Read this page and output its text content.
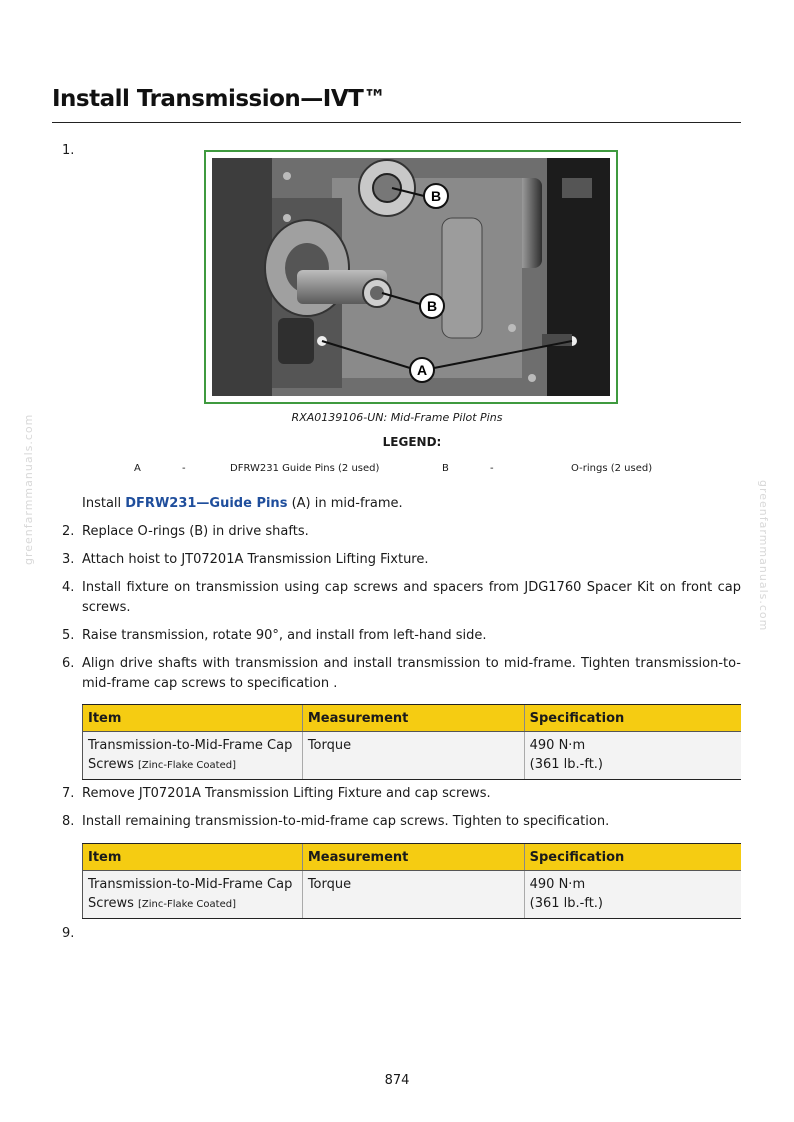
Install Transmission—IVT™
1.
B
B
A
RXA0139106-UN: Mid-Frame Pilot Pins
LEGEND:
A	-	DFRW231 Guide Pins (2 used)	B	-	O-rings (2 used)
Install DFRW231—Guide Pins (A) in mid-frame.
2. Replace O-rings (B) in drive shafts.
3. Attach hoist to JT07201A Transmission Lifting Fixture.
4. Install fixture on transmission using cap screws and spacers from JDG1760 Spacer Kit on front cap screws.
5. Raise transmission, rotate 90°, and install from left-hand side.
6. Align drive shafts with transmission and install transmission to mid-frame. Tighten transmission-to-mid-frame cap screws to specification .
Item	Measurement	Specification
Transmission-to-Mid-Frame Cap Screws [Zinc-Flake Coated]	Torque	490 N·m
(361 lb.-ft.)
7. Remove JT07201A Transmission Lifting Fixture and cap screws.
8. Install remaining transmission-to-mid-frame cap screws. Tighten to specification.
Item	Measurement	Specification
Transmission-to-Mid-Frame Cap Screws [Zinc-Flake Coated]	Torque	490 N·m
(361 lb.-ft.)
9.
874
greenfarmmanuals.com	greenfarmmanuals.com
